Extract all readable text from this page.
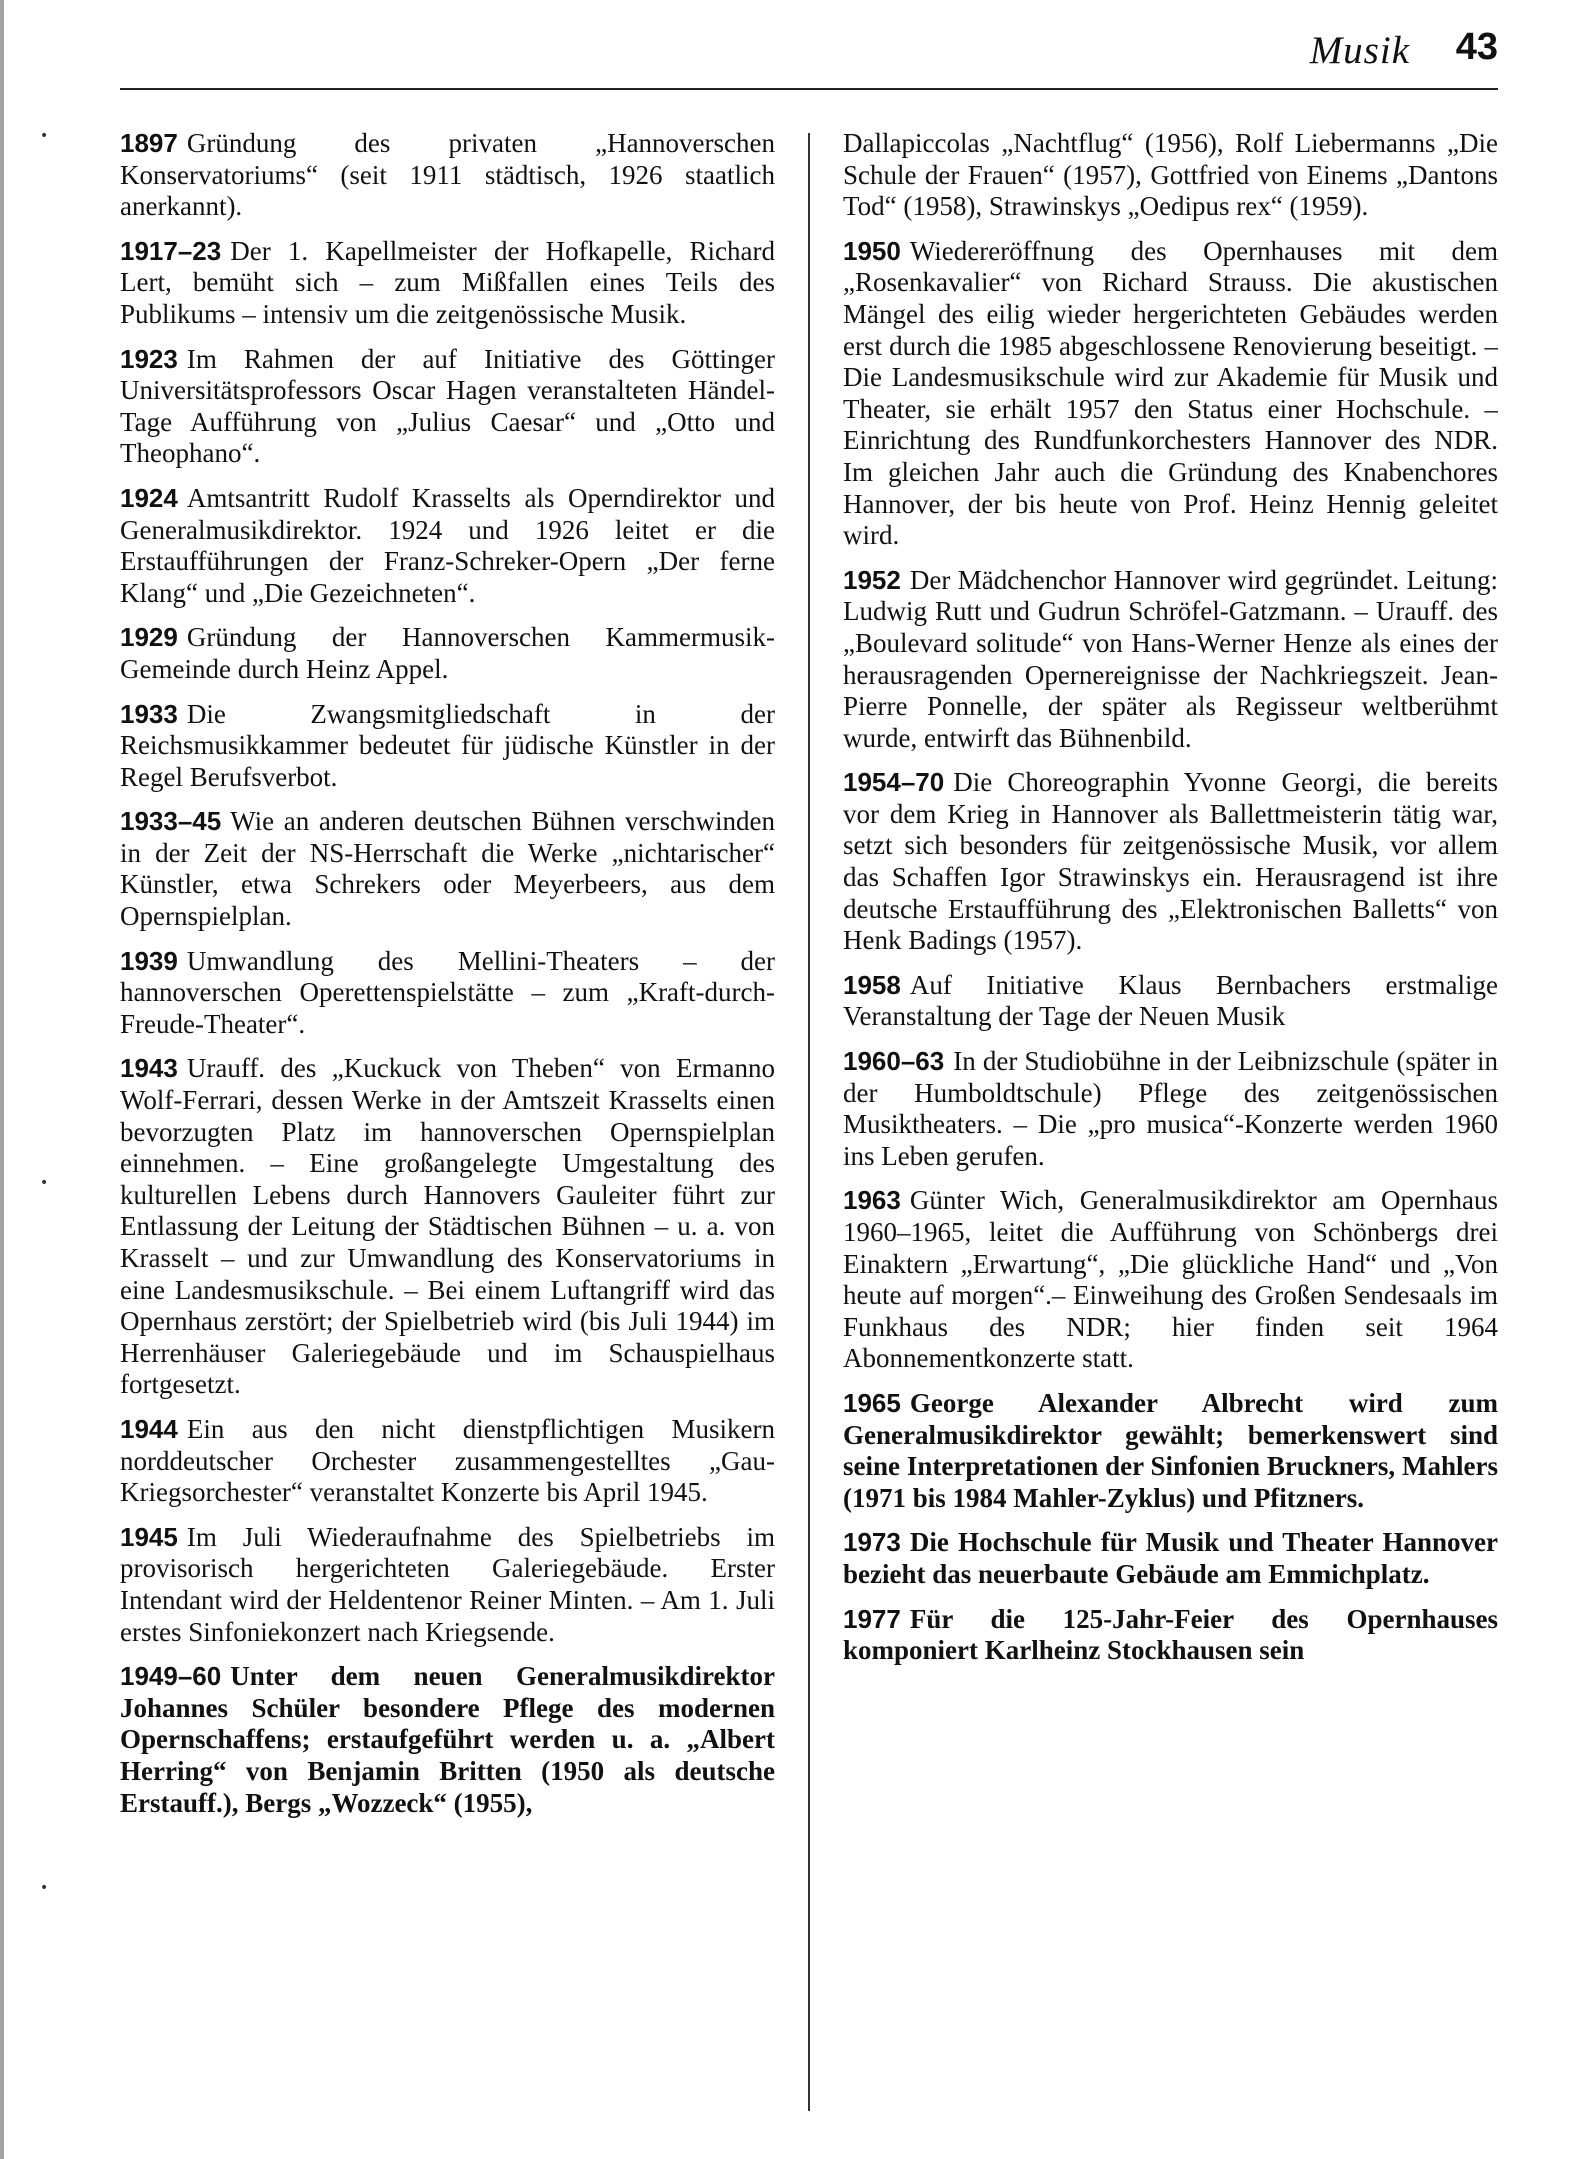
Musik 43
•
•
•

1897 Gründung des privaten „Hannoverschen Konservatoriums“ (seit 1911 städtisch, 1926 staatlich anerkannt).

1917–23 Der 1. Kapellmeister der Hofkapelle, Richard Lert, bemüht sich – zum Mißfallen eines Teils des Publikums – intensiv um die zeitgenössische Musik.

1923 Im Rahmen der auf Initiative des Göttinger Universitätsprofessors Oscar Hagen veranstalteten Händel-Tage Aufführung von „Julius Caesar“ und „Otto und Theophano“.

1924 Amtsantritt Rudolf Krasselts als Operndirektor und Generalmusikdirektor. 1924 und 1926 leitet er die Erstaufführungen der Franz-Schreker-Opern „Der ferne Klang“ und „Die Gezeichneten“.

1929 Gründung der Hannoverschen Kammermusik-Gemeinde durch Heinz Appel.

1933 Die Zwangsmitgliedschaft in der Reichsmusikkammer bedeutet für jüdische Künstler in der Regel Berufsverbot.

1933–45 Wie an anderen deutschen Bühnen verschwinden in der Zeit der NS-Herrschaft die Werke „nichtarischer“ Künstler, etwa Schrekers oder Meyerbeers, aus dem Opernspielplan.

1939 Umwandlung des Mellini-Theaters – der hannoverschen Operettenspielstätte – zum „Kraft-durch-Freude-Theater“.

1943 Urauff. des „Kuckuck von Theben“ von Ermanno Wolf-Ferrari, dessen Werke in der Amtszeit Krasselts einen bevorzugten Platz im hannoverschen Opernspielplan einnehmen. – Eine großangelegte Umgestaltung des kulturellen Lebens durch Hannovers Gauleiter führt zur Entlassung der Leitung der Städtischen Bühnen – u. a. von Krasselt – und zur Umwandlung des Konservatoriums in eine Landesmusikschule. – Bei einem Luftangriff wird das Opernhaus zerstört; der Spielbetrieb wird (bis Juli 1944) im Herrenhäuser Galeriegebäude und im Schauspielhaus fortgesetzt.

1944 Ein aus den nicht dienstpflichtigen Musikern norddeutscher Orchester zusammengestelltes „Gau-Kriegsorchester“ veranstaltet Konzerte bis April 1945.

1945 Im Juli Wiederaufnahme des Spielbetriebs im provisorisch hergerichteten Galeriegebäude. Erster Intendant wird der Heldentenor Reiner Minten. – Am 1. Juli erstes Sinfoniekonzert nach Kriegsende.

1949–60 Unter dem neuen Generalmusikdirektor Johannes Schüler besondere Pflege des modernen Opernschaffens; erstaufgeführt werden u. a. „Albert Herring“ von Benjamin Britten (1950 als deutsche Erstauff.), Bergs „Wozzeck“ (1955),

Dallapiccolas „Nachtflug“ (1956), Rolf Liebermanns „Die Schule der Frauen“ (1957), Gottfried von Einems „Dantons Tod“ (1958), Strawinskys „Oedipus rex“ (1959).

1950 Wiedereröffnung des Opernhauses mit dem „Rosenkavalier“ von Richard Strauss. Die akustischen Mängel des eilig wieder hergerichteten Gebäudes werden erst durch die 1985 abgeschlossene Renovierung beseitigt. – Die Landesmusikschule wird zur Akademie für Musik und Theater, sie erhält 1957 den Status einer Hochschule. – Einrichtung des Rundfunkorchesters Hannover des NDR. Im gleichen Jahr auch die Gründung des Knabenchores Hannover, der bis heute von Prof. Heinz Hennig geleitet wird.

1952 Der Mädchenchor Hannover wird gegründet. Leitung: Ludwig Rutt und Gudrun Schröfel-Gatzmann. – Urauff. des „Boulevard solitude“ von Hans-Werner Henze als eines der herausragenden Opernereignisse der Nachkriegszeit. Jean-Pierre Ponnelle, der später als Regisseur weltberühmt wurde, entwirft das Bühnenbild.

1954–70 Die Choreographin Yvonne Georgi, die bereits vor dem Krieg in Hannover als Ballettmeisterin tätig war, setzt sich besonders für zeitgenössische Musik, vor allem das Schaffen Igor Strawinskys ein. Herausragend ist ihre deutsche Erstaufführung des „Elektronischen Balletts“ von Henk Badings (1957).

1958 Auf Initiative Klaus Bernbachers erstmalige Veranstaltung der Tage der Neuen Musik

1960–63 In der Studiobühne in der Leibnizschule (später in der Humboldtschule) Pflege des zeitgenössischen Musiktheaters. – Die „pro musica“-Konzerte werden 1960 ins Leben gerufen.

1963 Günter Wich, Generalmusikdirektor am Opernhaus 1960–1965, leitet die Aufführung von Schönbergs drei Einaktern „Erwartung“, „Die glückliche Hand“ und „Von heute auf morgen“.– Einweihung des Großen Sendesaals im Funkhaus des NDR; hier finden seit 1964 Abonnementkonzerte statt.

1965 George Alexander Albrecht wird zum Generalmusikdirektor gewählt; bemerkenswert sind seine Interpretationen der Sinfonien Bruckners, Mahlers (1971 bis 1984 Mahler-Zyklus) und Pfitzners.

1973 Die Hochschule für Musik und Theater Hannover bezieht das neuerbaute Gebäude am Emmichplatz.

1977 Für die 125-Jahr-Feier des Opernhauses komponiert Karlheinz Stockhausen sein
